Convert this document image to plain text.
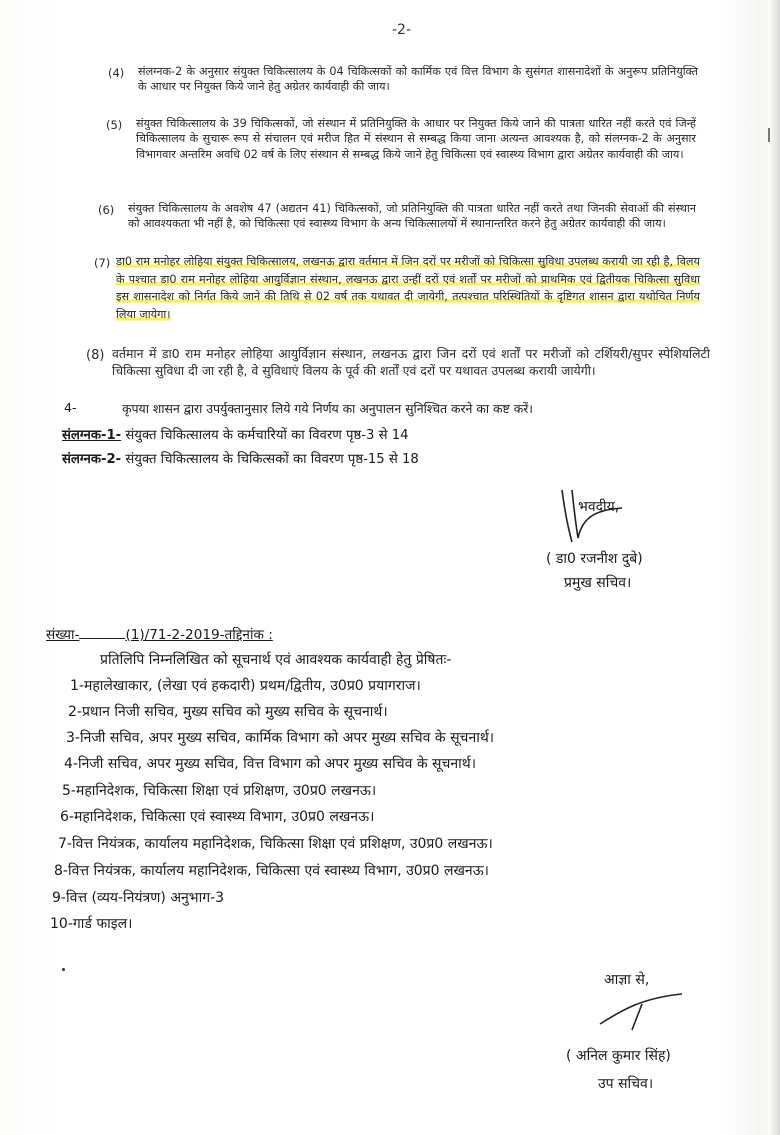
-2-
(4) संलग्नक-2 के अनुसार संयुक्त चिकित्सालय के 04 चिकित्सकों को कार्मिक एवं वित्त विभाग के सुसंगत शासनादेशों के अनुरूप प्रतिनियुक्ति के आधार पर नियुक्त किये जाने हेतु अग्रेतर कार्यवाही की जाय।
(5) संयुक्त चिकित्सालय के 39 चिकित्सकों, जो संस्थान में प्रतिनियुक्ति के आधार पर नियुक्त किये जाने की पात्रता धारित नहीं करते एवं जिन्हें चिकित्सालय के सुचारू रूप से संचालन एवं मरीज हित में संस्थान से सम्बद्ध किया जाना अत्यन्त आवश्यक है, को संलग्नक-2 के अनुसार विभागवार अन्तरिम अवधि 02 वर्ष के लिए संस्थान से सम्बद्ध किये जाने हेतु चिकित्सा एवं स्वास्थ्य विभाग द्वारा अग्रेतर कार्यवाही की जाय।
(6) संयुक्त चिकित्सालय के अवशेष 47 (अद्यतन 41) चिकित्सकों, जो प्रतिनियुक्ति की पात्रता धारित नहीं करते तथा जिनकी सेवाओं की संस्थान को आवश्यकता भी नहीं है, को चिकित्सा एवं स्वास्थ्य विभाग के अन्य चिकित्सालयों में स्थानान्तरित करने हेतु अग्रेतर कार्यवाही की जाय।
(7) डा0 राम मनोहर लोहिया संयुक्त चिकित्सालय, लखनऊ द्वारा वर्तमान में जिन दरों पर मरीजों को चिकित्सा सुविधा उपलब्ध करायी जा रही है, विलय के पश्चात डा0 राम मनोहर लोहिया आयुर्विज्ञान संस्थान, लखनऊ द्वारा उन्हीं दरों एवं शर्तों पर मरीजों को प्राथमिक एवं द्वितीयक चिकित्सा सुविधा इस शासनादेश को निर्गत किये जाने की तिथि से 02 वर्ष तक यथावत दी जायेगी, तत्पश्चात परिस्थितियों के दृष्टिगत शासन द्वारा यथोचित निर्णय लिया जायेगा।
(8) वर्तमान में डा0 राम मनोहर लोहिया आयुर्विज्ञान संस्थान, लखनऊ द्वारा जिन दरों एवं शर्तों पर मरीजों को टर्शियरी/सुपर स्पेशियलिटी चिकित्सा सुविधा दी जा रही है, वे सुविधाएं विलय के पूर्व की शर्तों एवं दरों पर यथावत उपलब्ध करायी जायेगी।
4-	कृपया शासन द्वारा उपर्युक्तानुसार लिये गये निर्णय का अनुपालन सुनिश्चित करने का कष्ट करें।
संलग्नक-1- संयुक्त चिकित्सालय के कर्मचारियों का विवरण पृष्ठ-3 से 14
संलग्नक-2- संयुक्त चिकित्सालय के चिकित्सकों का विवरण पृष्ठ-15 से 18
भवदीय,
( डा0 रजनीश दुबे)
प्रमुख सचिव।
संख्या-	(1)/71-2-2019-तद्दिनांक :
प्रतिलिपि निम्नलिखित को सूचनार्थ एवं आवश्यक कार्यवाही हेतु प्रेषितः-
1-महालेखाकार, (लेखा एवं हकदारी) प्रथम/द्वितीय, उ0प्र0 प्रयागराज।
2-प्रधान निजी सचिव, मुख्य सचिव को मुख्य सचिव के सूचनार्थ।
3-निजी सचिव, अपर मुख्य सचिव, कार्मिक विभाग को अपर मुख्य सचिव के सूचनार्थ।
4-निजी सचिव, अपर मुख्य सचिव, वित्त विभाग को अपर मुख्य सचिव के सूचनार्थ।
5-महानिदेशक, चिकित्सा शिक्षा एवं प्रशिक्षण, उ0प्र0 लखनऊ।
6-महानिदेशक, चिकित्सा एवं स्वास्थ्य विभाग, उ0प्र0 लखनऊ।
7-वित्त नियंत्रक, कार्यालय महानिदेशक, चिकित्सा शिक्षा एवं प्रशिक्षण, उ0प्र0 लखनऊ।
8-वित्त नियंत्रक, कार्यालय महानिदेशक, चिकित्सा एवं स्वास्थ्य विभाग, उ0प्र0 लखनऊ।
9-वित्त (व्यय-नियंत्रण) अनुभाग-3
10-गार्ड फाइल।
आज्ञा से,
( अनिल कुमार सिंह)
उप सचिव।
